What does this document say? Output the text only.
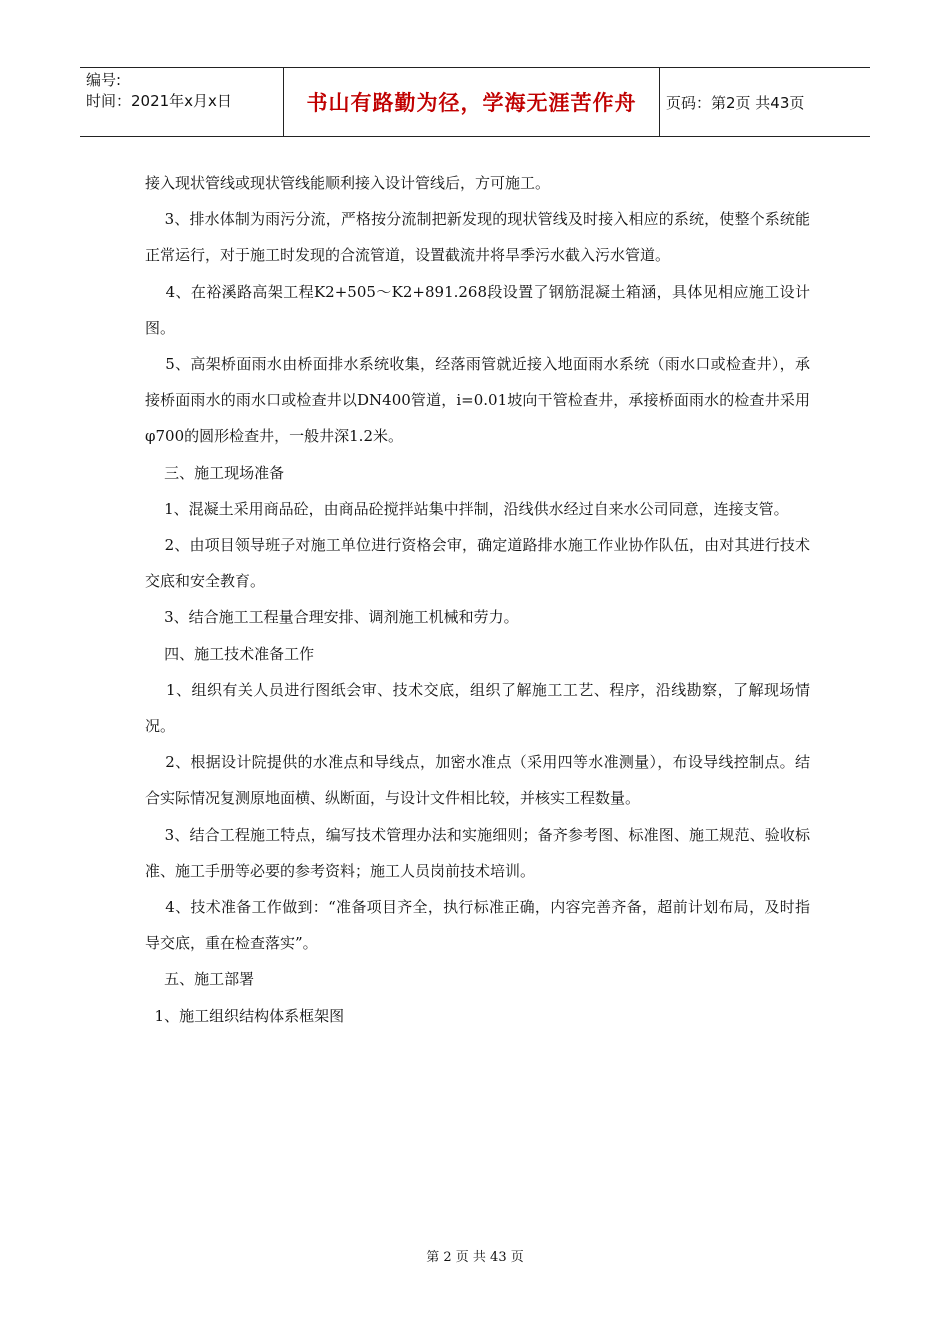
编号:
时间：2021年x月x日	书山有路勤为径，学海无涯苦作舟 页码：第2页 共43页

接入现状管线或现状管线能顺利接入设计管线后，方可施工。

3、排水体制为雨污分流，严格按分流制把新发现的现状管线及时接入相应的系统，使整个系统能正常运行，对于施工时发现的合流管道，设置截流井将旱季污水截入污水管道。

4、在裕溪路高架工程K2+505～K2+891.268段设置了钢筋混凝土箱涵，具体见相应施工设计图。

5、高架桥面雨水由桥面排水系统收集，经落雨管就近接入地面雨水系统（雨水口或检查井），承接桥面雨水的雨水口或检查井以DN400管道，i=0.01坡向干管检查井，承接桥面雨水的检查井采用φ700的圆形检查井，一般井深1.2米。

三、施工现场准备

1、混凝土采用商品砼，由商品砼搅拌站集中拌制，沿线供水经过自来水公司同意，连接支管。

2、由项目领导班子对施工单位进行资格会审，确定道路排水施工作业协作队伍，由对其进行技术交底和安全教育。

3、结合施工工程量合理安排、调剂施工机械和劳力。

四、施工技术准备工作

1、组织有关人员进行图纸会审、技术交底，组织了解施工工艺、程序，沿线勘察，了解现场情况。

2、根据设计院提供的水准点和导线点，加密水准点（采用四等水准测量），布设导线控制点。结合实际情况复测原地面横、纵断面，与设计文件相比较，并核实工程数量。

3、结合工程施工特点，编写技术管理办法和实施细则；备齐参考图、标准图、施工规范、验收标准、施工手册等必要的参考资料；施工人员岗前技术培训。

4、技术准备工作做到：“准备项目齐全，执行标准正确，内容完善齐备，超前计划布局，及时指导交底，重在检查落实”。

五、施工部署

1、施工组织结构体系框架图

第 2 页 共 43 页
